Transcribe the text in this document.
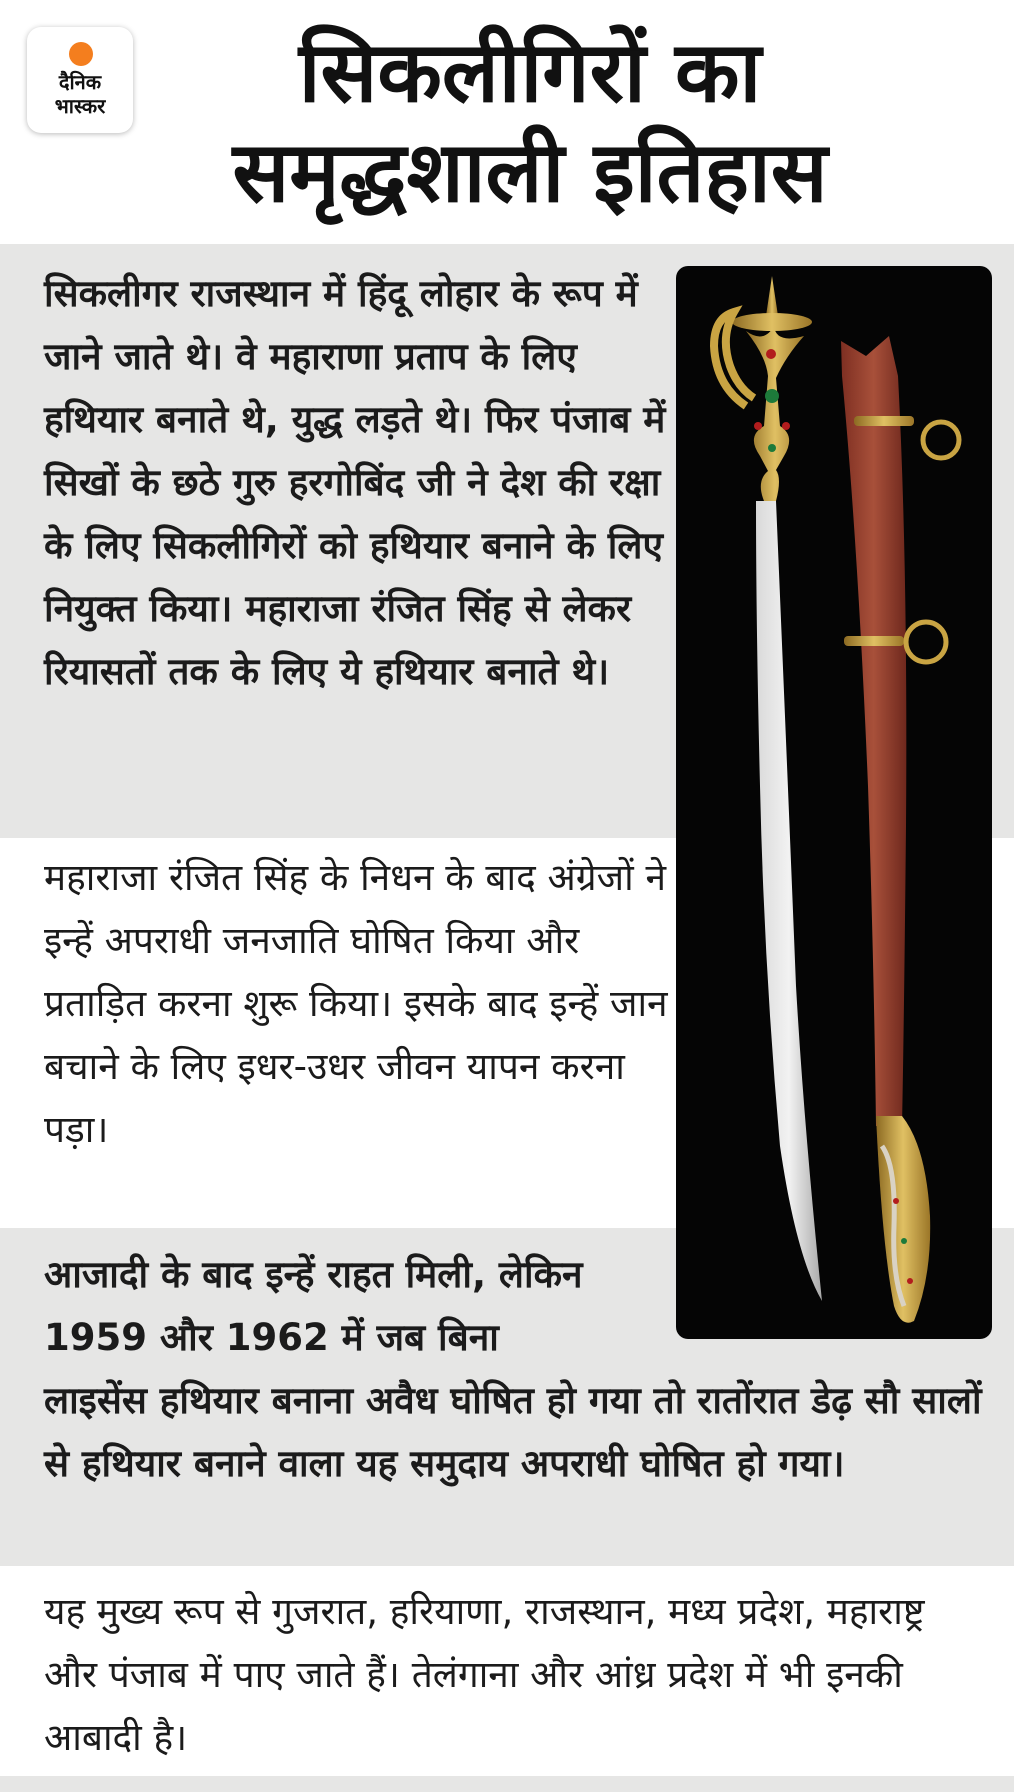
दैनिक
भास्कर	सिकलीगिरों का
समृद्धशाली इतिहास

सिकलीगर राजस्थान में हिंदू लोहार के रूप में जाने जाते थे। वे महाराणा प्रताप के लिए हथियार बनाते थे, युद्ध लड़ते थे। फिर पंजाब में सिखों के छठे गुरु हरगोबिंद जी ने देश की रक्षा के लिए सिकलीगिरों को हथियार बनाने के लिए नियुक्त किया। महाराजा रंजित सिंह से लेकर रियासतों तक के लिए ये हथियार बनाते थे।

महाराजा रंजित सिंह के निधन के बाद अंग्रेजों ने इन्हें अपराधी जनजाति घोषित किया और प्रताड़ित करना शुरू किया। इसके बाद इन्हें जान बचाने के लिए इधर-उधर जीवन यापन करना पड़ा।

आजादी के बाद इन्हें राहत मिली, लेकिन 1959 और 1962 में जब बिना

लाइसेंस हथियार बनाना अवैध घोषित हो गया तो रातोंरात डेढ़ सौ सालों से हथियार बनाने वाला यह समुदाय अपराधी घोषित हो गया।

यह मुख्य रूप से गुजरात, हरियाणा, राजस्थान, मध्य प्रदेश, महाराष्ट्र और पंजाब में पाए जाते हैं। तेलंगाना और आंध्र प्रदेश में भी इनकी आबादी है।
